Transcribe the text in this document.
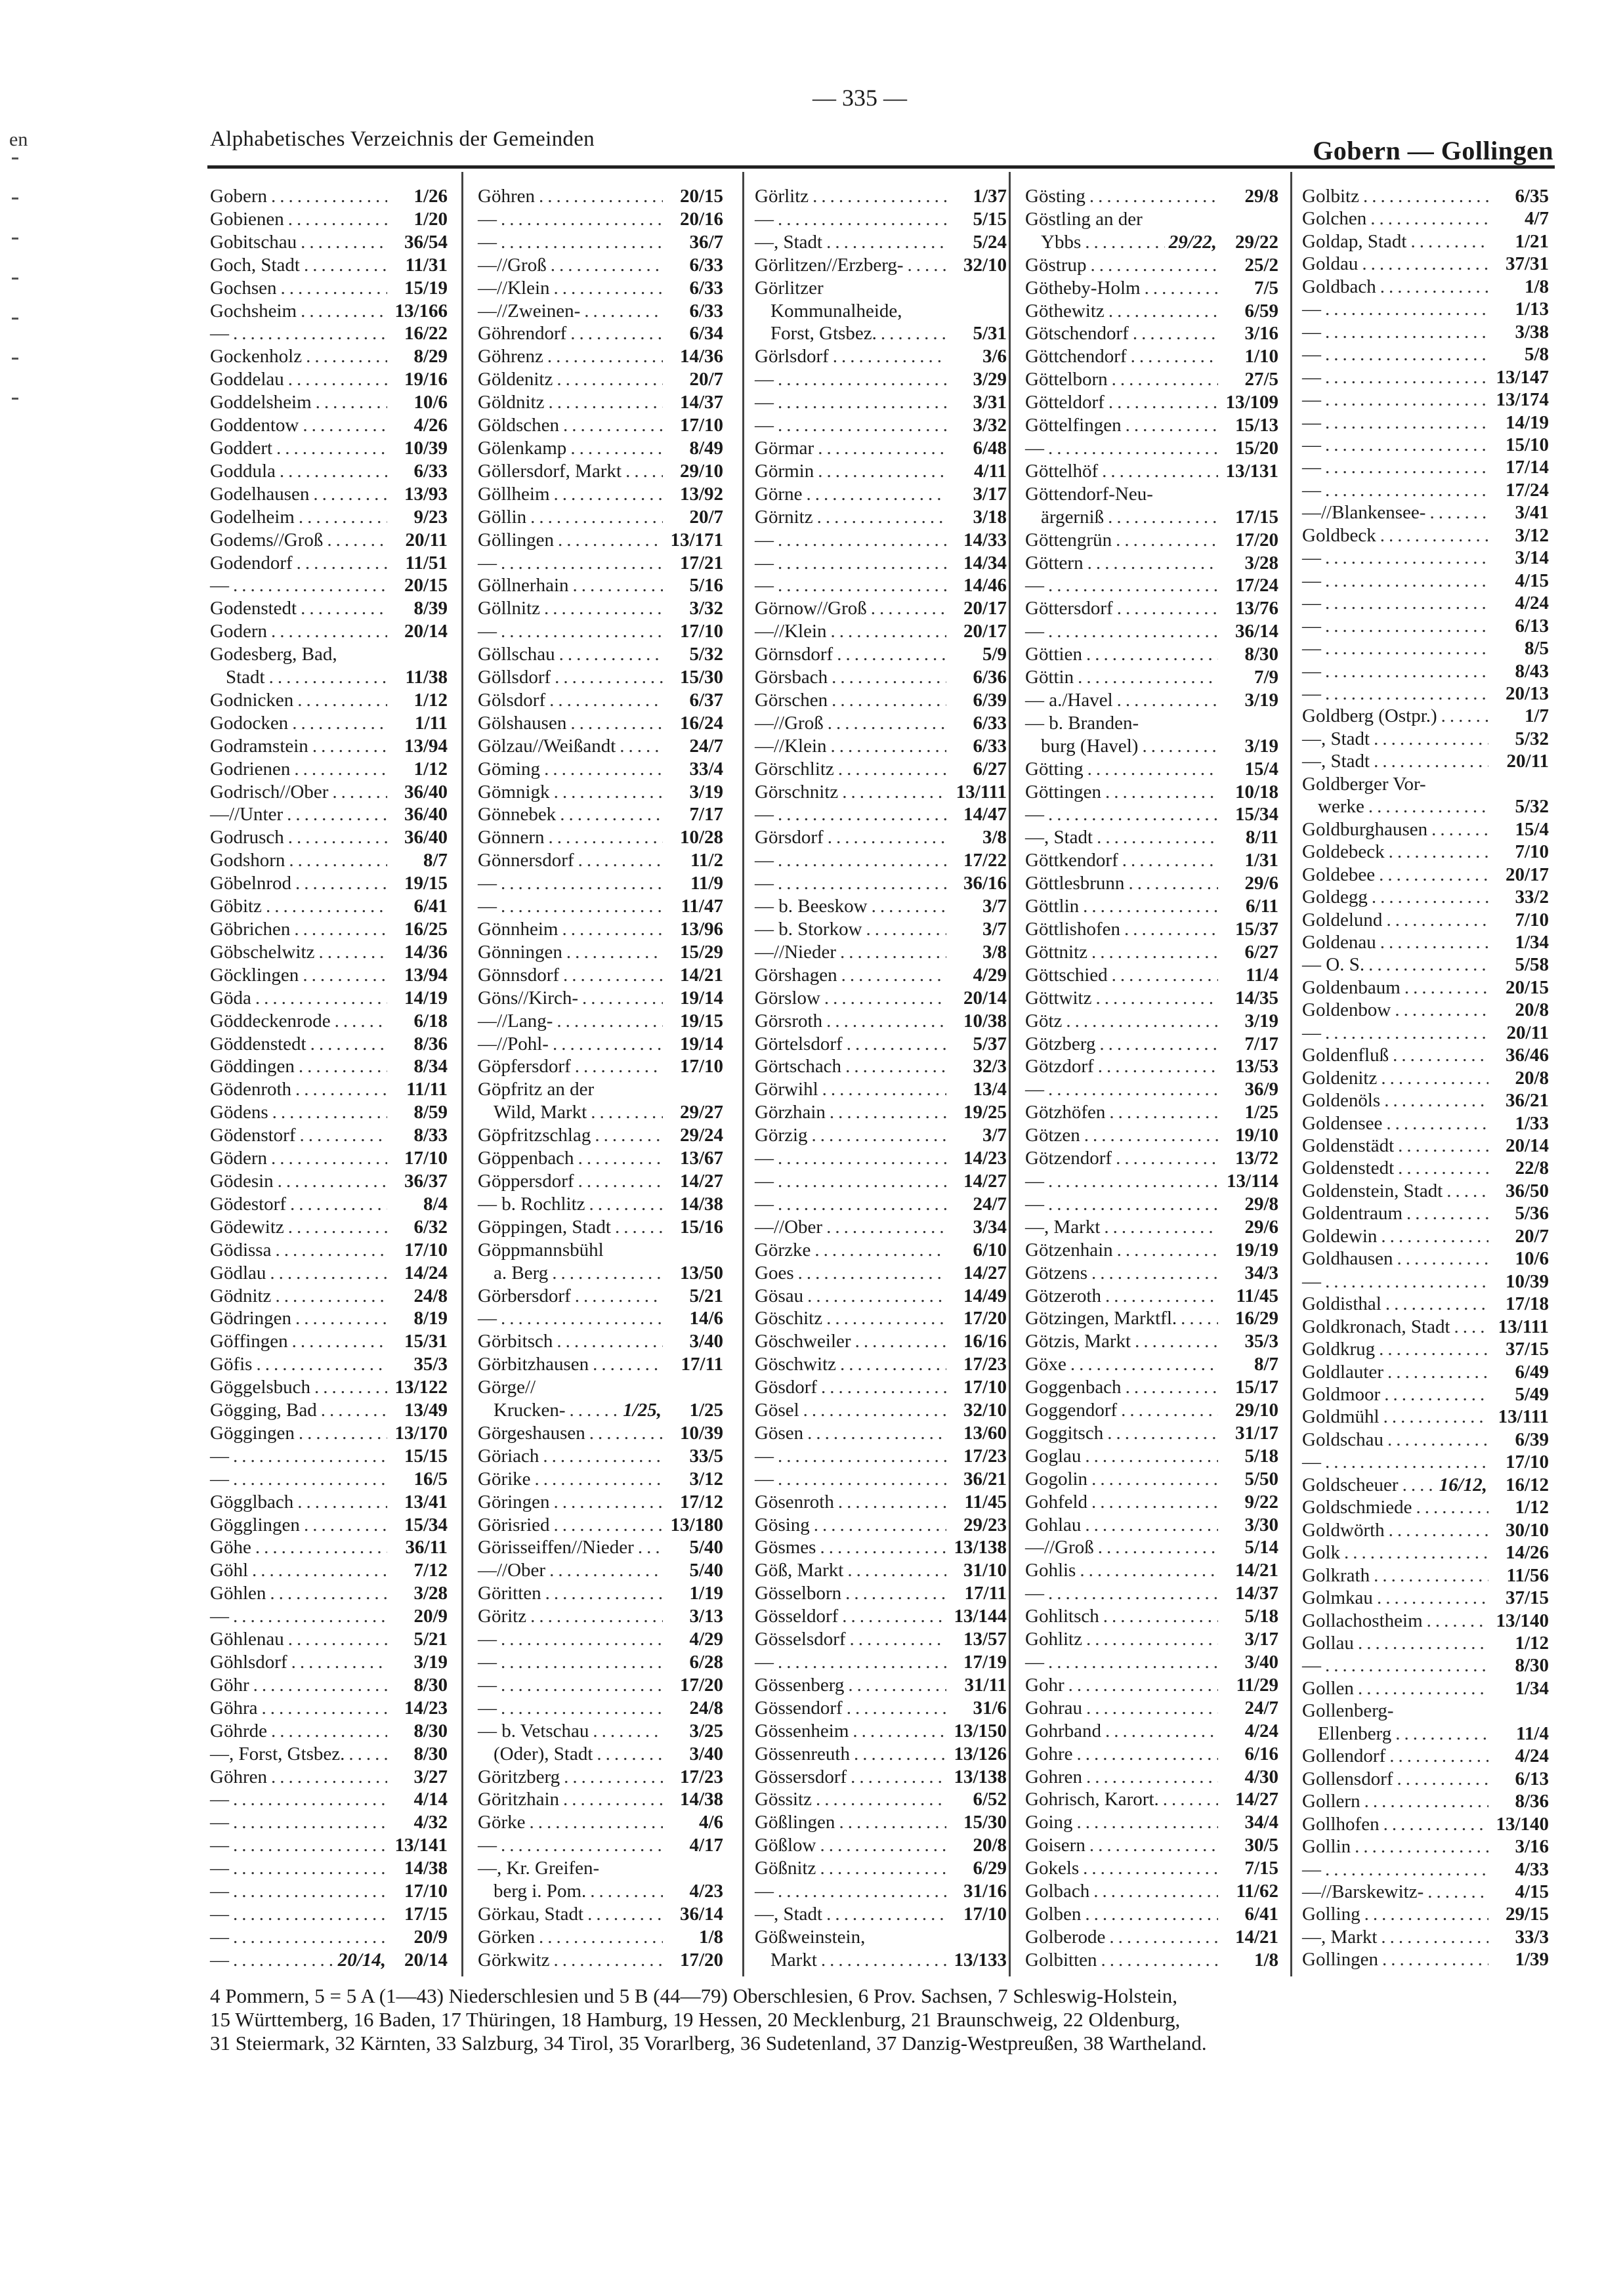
— 335 —
en	Alphabetisches Verzeichnis der Gemeinden	Gobern — Gollingen
Gobern .....	1/26
Gobienen .....	1/20
Gobitschau .....	36/54
Goch, Stadt .....	11/31
Gochsen .....	15/19
Gochsheim .....	13/166
— .....	16/22
Gockenholz .....	8/29
Goddelau .....	19/16
Goddelsheim .....	10/6
Goddentow .....	4/26
Goddert .....	10/39
Goddula .....	6/33
Godelhausen .....	13/93
Godelheim .....	9/23
Godems//Groß .....	20/11
Godendorf .....	11/51
— .....	20/15
Godenstedt .....	8/39
Godern .....	20/14
Godesberg, Bad,
Stadt .....	11/38
Godnicken .....	1/12
Godocken .....	1/11
Godramstein .....	13/94
Godrienen .....	1/12
Godrisch//Ober .....	36/40
—//Unter .....	36/40
Godrusch .....	36/40
Godshorn .....	8/7
Göbelnrod .....	19/15
Göbitz .....	6/41
Göbrichen .....	16/25
Göbschelwitz .....	14/36
Göcklingen .....	13/94
Göda .....	14/19
Göddeckenrode .....	6/18
Göddenstedt .....	8/36
Göddingen .....	8/34
Gödenroth .....	11/11
Gödens .....	8/59
Gödenstorf .....	8/33
Gödern .....	17/10
Gödesin .....	36/37
Gödestorf .....	8/4
Gödewitz .....	6/32
Gödissa .....	17/10
Gödlau .....	14/24
Gödnitz .....	24/8
Gödringen .....	8/19
Göffingen .....	15/31
Göfis .....	35/3
Göggelsbuch .....	13/122
Gögging, Bad .....	13/49
Göggingen .....	13/170
— .....	15/15
— .....	16/5
Gögglbach .....	13/41
Gögglingen .....	15/34
Göhe .....	36/11
Göhl .....	7/12
Göhlen .....	3/28
— .....	20/9
Göhlenau .....	5/21
Göhlsdorf .....	3/19
Göhr .....	8/30
Göhra .....	14/23
Göhrde .....	8/30
—, Forst, Gtsbez. .....	8/30
Göhren .....	3/27
— .....	4/14
— .....	4/32
— .....	13/141
— .....	14/38
— .....	17/10
— .....	17/15
— .....	20/9
— .....	20/14, 20/14
Göhren .....	20/15
— .....	20/16
— .....	36/7
—//Groß .....	6/33
—//Klein .....	6/33
—//Zweinen- .....	6/33
Göhrendorf .....	6/34
Göhrenz .....	14/36
Göldenitz .....	20/7
Göldnitz .....	14/37
Göldschen .....	17/10
Gölenkamp .....	8/49
Göllersdorf, Markt .....	29/10
Göllheim .....	13/92
Göllin .....	20/7
Göllingen .....	13/171
— .....	17/21
Göllnerhain .....	5/16
Göllnitz .....	3/32
— .....	17/10
Göllschau .....	5/32
Göllsdorf .....	15/30
Gölsdorf .....	6/37
Gölshausen .....	16/24
Gölzau//Weißandt .....	24/7
Göming .....	33/4
Gömnigk .....	3/19
Gönnebek .....	7/17
Gönnern .....	10/28
Gönnersdorf .....	11/2
— .....	11/9
— .....	11/47
Gönnheim .....	13/96
Gönningen .....	15/29
Gönnsdorf .....	14/21
Göns//Kirch- .....	19/14
—//Lang- .....	19/15
—//Pohl- .....	19/14
Göpfersdorf .....	17/10
Göpfritz an der
Wild, Markt .....	29/27
Göpfritzschlag .....	29/24
Göppenbach .....	13/67
Göppersdorf .....	14/27
— b. Rochlitz .....	14/38
Göppingen, Stadt .....	15/16
Göppmannsbühl
a. Berg .....	13/50
Görbersdorf .....	5/21
— .....	14/6
Görbitsch .....	3/40
Görbitzhausen .....	17/11
Görge//
Krucken- .....	1/25,	1/25
Görgeshausen .....	10/39
Göriach .....	33/5
Görike .....	3/12
Göringen .....	17/12
Görisried .....	13/180
Görisseiffen//Nieder .....	5/40
—//Ober .....	5/40
Göritten .....	1/19
Göritz .....	3/13
— .....	4/29
— .....	6/28
— .....	17/20
— .....	24/8
— b. Vetschau .....	3/25
(Oder), Stadt .....	3/40
Göritzberg .....	17/23
Göritzhain .....	14/38
Görke .....	4/6
— .....	4/17
—, Kr. Greifen-
berg i. Pom. .....	4/23
Görkau, Stadt .....	36/14
Görken .....	1/8
Görkwitz .....	17/20
Görlitz .....	1/37
— .....	5/15
—, Stadt .....	5/24
Görlitzen//Erzberg- .....	32/10
Görlitzer
Kommunalheide,
Forst, Gtsbez. .....	5/31
Görlsdorf .....	3/6
— .....	3/29
— .....	3/31
— .....	3/32
Görmar .....	6/48
Görmin .....	4/11
Görne .....	3/17
Görnitz .....	3/18
— .....	14/33
— .....	14/34
— .....	14/46
Görnow//Groß .....	20/17
—//Klein .....	20/17
Görnsdorf .....	5/9
Görsbach .....	6/36
Görschen .....	6/39
—//Groß .....	6/33
—//Klein .....	6/33
Görschlitz .....	6/27
Görschnitz .....	13/111
— .....	14/47
Görsdorf .....	3/8
— .....	17/22
— .....	36/16
— b. Beeskow .....	3/7
— b. Storkow .....	3/7
—//Nieder .....	3/8
Görshagen .....	4/29
Görslow .....	20/14
Görsroth .....	10/38
Görtelsdorf .....	5/37
Görtschach .....	32/3
Görwihl .....	13/4
Görzhain .....	19/25
Görzig .....	3/7
— .....	14/23
— .....	14/27
— .....	24/7
—//Ober .....	3/34
Görzke .....	6/10
Goes .....	14/27
Gösau .....	14/49
Göschitz .....	17/20
Göschweiler .....	16/16
Göschwitz .....	17/23
Gösdorf .....	17/10
Gösel .....	32/10
Gösen .....	13/60
— .....	17/23
— .....	36/21
Gösenroth .....	11/45
Gösing .....	29/23
Gösmes .....	13/138
Göß, Markt .....	31/10
Gösselborn .....	17/11
Gösseldorf .....	13/144
Gösselsdorf .....	13/57
— .....	17/19
Gössenberg .....	31/11
Gössendorf .....	31/6
Gössenheim .....	13/150
Gössenreuth .....	13/126
Gössersdorf .....	13/138
Gössitz .....	6/52
Gößlingen .....	15/30
Gößlow .....	20/8
Gößnitz .....	6/29
— .....	31/16
—, Stadt .....	17/10
Gößweinstein,
Markt .....	13/133
Gösting .....	29/8
Göstling an der
Ybbs .....	29/22, 29/22
Göstrup .....	25/2
Götheby-Holm .....	7/5
Göthewitz .....	6/59
Götschendorf .....	3/16
Göttchendorf .....	1/10
Göttelborn .....	27/5
Götteldorf .....	13/109
Göttelfingen .....	15/13
— .....	15/20
Göttelhöf .....	13/131
Göttendorf-Neu-
ärgerniß .....	17/15
Göttengrün .....	17/20
Göttern .....	3/28
— .....	17/24
Göttersdorf .....	13/76
— .....	36/14
Göttien .....	8/30
Göttin .....	7/9
— a./Havel .....	3/19
— b. Branden-
burg (Havel) .....	3/19
Götting .....	15/4
Göttingen .....	10/18
— .....	15/34
—, Stadt .....	8/11
Göttkendorf .....	1/31
Göttlesbrunn .....	29/6
Göttlin .....	6/11
Göttlishofen .....	15/37
Göttnitz .....	6/27
Göttschied .....	11/4
Göttwitz .....	14/35
Götz .....	3/19
Götzberg .....	7/17
Götzdorf .....	13/53
— .....	36/9
Götzhöfen .....	1/25
Götzen .....	19/10
Götzendorf .....	13/72
— .....	13/114
— .....	29/8
—, Markt .....	29/6
Götzenhain .....	19/19
Götzens .....	34/3
Götzeroth .....	11/45
Götzingen, Marktfl. .....	16/29
Götzis, Markt .....	35/3
Göxe .....	8/7
Goggenbach .....	15/17
Goggendorf .....	29/10
Goggitsch .....	31/17
Goglau .....	5/18
Gogolin .....	5/50
Gohfeld .....	9/22
Gohlau .....	3/30
—//Groß .....	5/14
Gohlis .....	14/21
— .....	14/37
Gohlitsch .....	5/18
Gohlitz .....	3/17
— .....	3/40
Gohr .....	11/29
Gohrau .....	24/7
Gohrband .....	4/24
Gohre .....	6/16
Gohren .....	4/30
Gohrisch, Karort. .....	14/27
Going .....	34/4
Goisern .....	30/5
Gokels .....	7/15
Golbach .....	11/62
Golben .....	6/41
Golberode .....	14/21
Golbitten .....	1/8
Golbitz .....	6/35
Golchen .....	4/7
Goldap, Stadt .....	1/21
Goldau .....	37/31
Goldbach .....	1/8
— .....	1/13
— .....	3/38
— .....	5/8
— .....	13/147
— .....	13/174
— .....	14/19
— .....	15/10
— .....	17/14
— .....	17/24
—//Blankensee- .....	3/41
Goldbeck .....	3/12
— .....	3/14
— .....	4/15
— .....	4/24
— .....	6/13
— .....	8/5
— .....	8/43
— .....	20/13
Goldberg (Ostpr.) .....	1/7
—, Stadt .....	5/32
—, Stadt .....	20/11
Goldberger Vor-
werke .....	5/32
Goldburghausen .....	15/4
Goldebeck .....	7/10
Goldebee .....	20/17
Goldegg .....	33/2
Goldelund .....	7/10
Goldenau .....	1/34
— O. S. .....	5/58
Goldenbaum .....	20/15
Goldenbow .....	20/8
— .....	20/11
Goldenfluß .....	36/46
Goldenitz .....	20/8
Goldenöls .....	36/21
Goldensee .....	1/33
Goldenstädt .....	20/14
Goldenstedt .....	22/8
Goldenstein, Stadt .....	36/50
Goldentraum .....	5/36
Goldewin .....	20/7
Goldhausen .....	10/6
— .....	10/39
Goldisthal .....	17/18
Goldkronach, Stadt .....	13/111
Goldkrug .....	37/15
Goldlauter .....	6/49
Goldmoor .....	5/49
Goldmühl .....	13/111
Goldschau .....	6/39
— .....	17/10
Goldscheuer ..... 16/12, 16/12
Goldschmiede .....	1/12
Goldwörth .....	30/10
Golk .....	14/26
Golkrath .....	11/56
Golmkau .....	37/15
Gollachostheim .....	13/140
Gollau .....	1/12
— .....	8/30
Gollen .....	1/34
Gollenberg-
Ellenberg .....	11/4
Gollendorf .....	4/24
Gollensdorf .....	6/13
Gollern .....	8/36
Gollhofen .....	13/140
Gollin .....	3/16
— .....	4/33
—//Barskewitz- .....	4/15
Golling .....	29/15
—, Markt .....	33/3
Gollingen .....	1/39
4 Pommern, 5 = 5 A (1—43) Niederschlesien und 5 B (44—79) Oberschlesien, 6 Prov. Sachsen, 7 Schleswig-Holstein,
15 Württemberg, 16 Baden, 17 Thüringen, 18 Hamburg, 19 Hessen, 20 Mecklenburg, 21 Braunschweig, 22 Oldenburg,
31 Steiermark, 32 Kärnten, 33 Salzburg, 34 Tirol, 35 Vorarlberg, 36 Sudetenland, 37 Danzig-Westpreußen, 38 Wartheland.
